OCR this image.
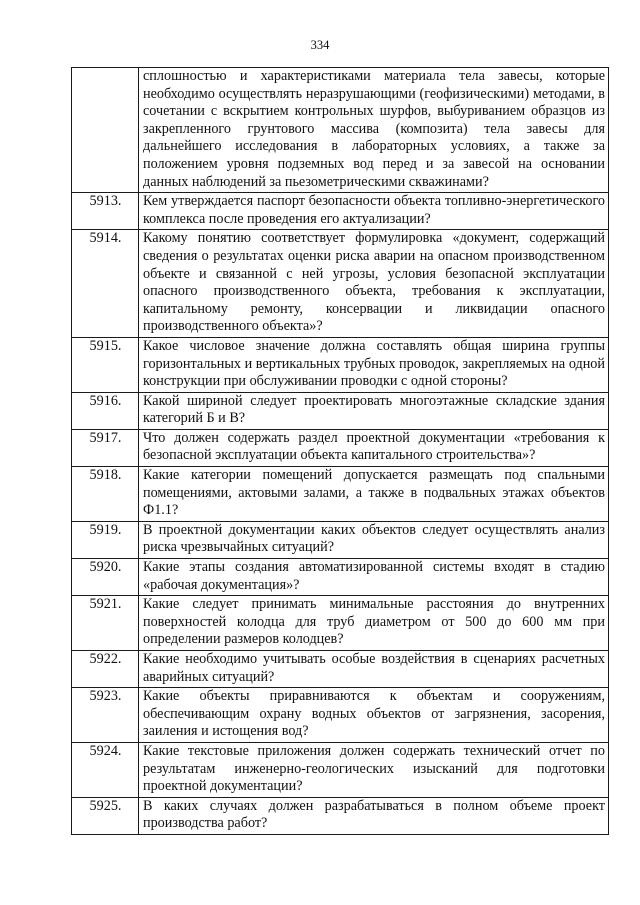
334
	сплошностью и характеристиками материала тела завесы, которые необходимо осуществлять неразрушающими (геофизическими) методами, в сочетании с вскрытием контрольных шурфов, выбуриванием образцов из закрепленного грунтового массива (композита) тела завесы для дальнейшего исследования в лабораторных условиях, а также за положением уровня подземных вод перед и за завесой на основании данных наблюдений за пьезометрическими скважинами?
5913.	Кем утверждается паспорт безопасности объекта топливно-энергетического комплекса после проведения его актуализации?
5914.	Какому понятию соответствует формулировка «документ, содержащий сведения о результатах оценки риска аварии на опасном производственном объекте и связанной с ней угрозы, условия безопасной эксплуатации опасного производственного объекта, требования к эксплуатации, капитальному ремонту, консервации и ликвидации опасного производственного объекта»?
5915.	Какое числовое значение должна составлять общая ширина группы горизонтальных и вертикальных трубных проводок, закрепляемых на одной конструкции при обслуживании проводки с одной стороны?
5916.	Какой шириной следует проектировать многоэтажные складские здания категорий Б и В?
5917.	Что должен содержать раздел проектной документации «требования к безопасной эксплуатации объекта капитального строительства»?
5918.	Какие категории помещений допускается размещать под спальными помещениями, актовыми залами, а также в подвальных этажах объектов Ф1.1?
5919.	В проектной документации каких объектов следует осуществлять анализ риска чрезвычайных ситуаций?
5920.	Какие этапы создания автоматизированной системы входят в стадию «рабочая документация»?
5921.	Какие следует принимать минимальные расстояния до внутренних поверхностей колодца для труб диаметром от 500 до 600 мм при определении размеров колодцев?
5922.	Какие необходимо учитывать особые воздействия в сценариях расчетных аварийных ситуаций?
5923.	Какие объекты приравниваются к объектам и сооружениям, обеспечивающим охрану водных объектов от загрязнения, засорения, заиления и истощения вод?
5924.	Какие текстовые приложения должен содержать технический отчет по результатам инженерно-геологических изысканий для подготовки проектной документации?
5925.	В каких случаях должен разрабатываться в полном объеме проект производства работ?
